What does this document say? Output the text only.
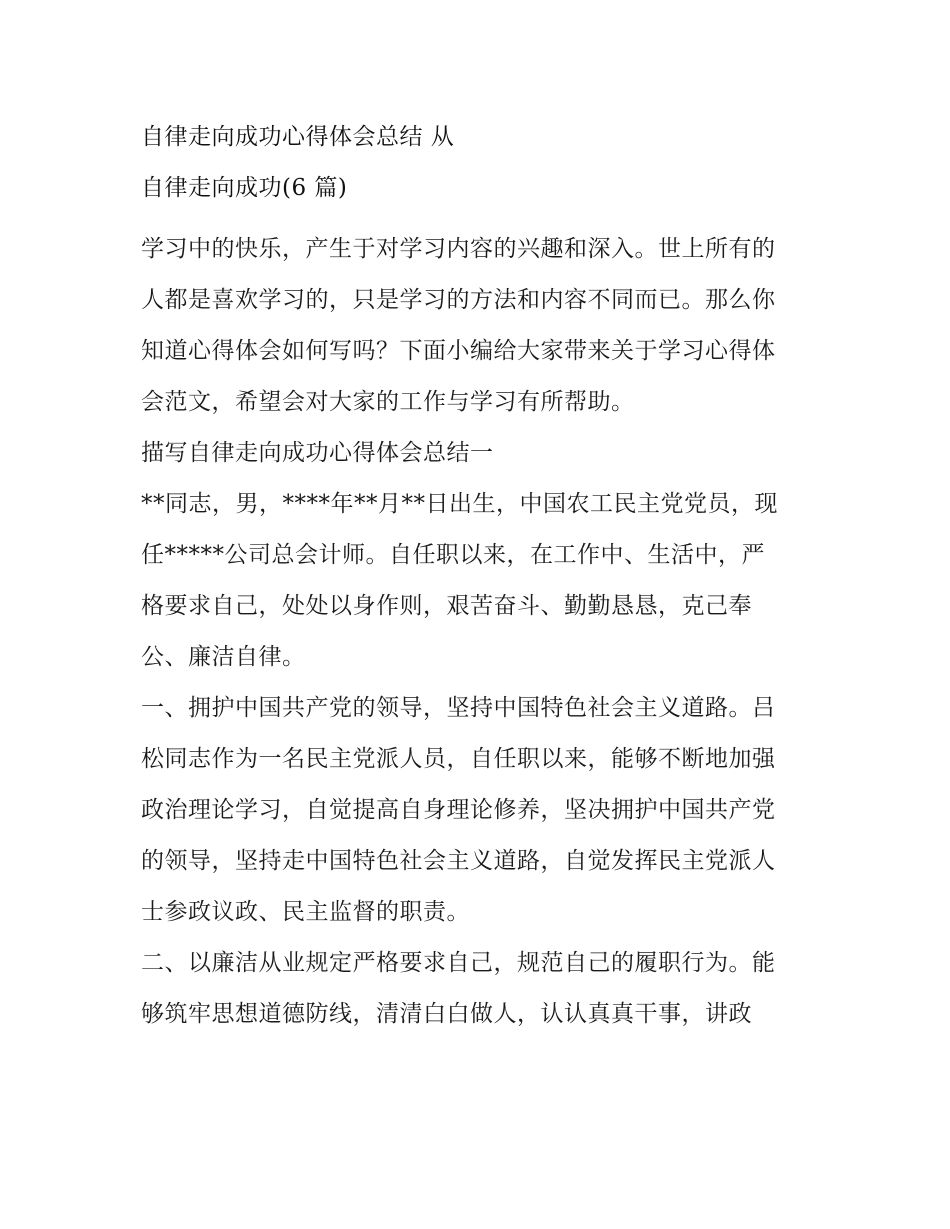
自律走向成功心得体会总结 从
自律走向成功(6 篇)

学习中的快乐，产生于对学习内容的兴趣和深入。世上所有的
人都是喜欢学习的，只是学习的方法和内容不同而已。那么你
知道心得体会如何写吗？下面小编给大家带来关于学习心得体
会范文，希望会对大家的工作与学习有所帮助。

描写自律走向成功心得体会总结一

**同志，男，****年**月**日出生，中国农工民主党党员，现
任*****公司总会计师。自任职以来，在工作中、生活中，严
格要求自己，处处以身作则，艰苦奋斗、勤勤恳恳，克己奉
公、廉洁自律。

一、拥护中国共产党的领导，坚持中国特色社会主义道路。吕
松同志作为一名民主党派人员，自任职以来，能够不断地加强
政治理论学习，自觉提高自身理论修养，坚决拥护中国共产党
的领导，坚持走中国特色社会主义道路，自觉发挥民主党派人
士参政议政、民主监督的职责。

二、以廉洁从业规定严格要求自己，规范自己的履职行为。能
够筑牢思想道德防线，清清白白做人，认认真真干事，讲政
